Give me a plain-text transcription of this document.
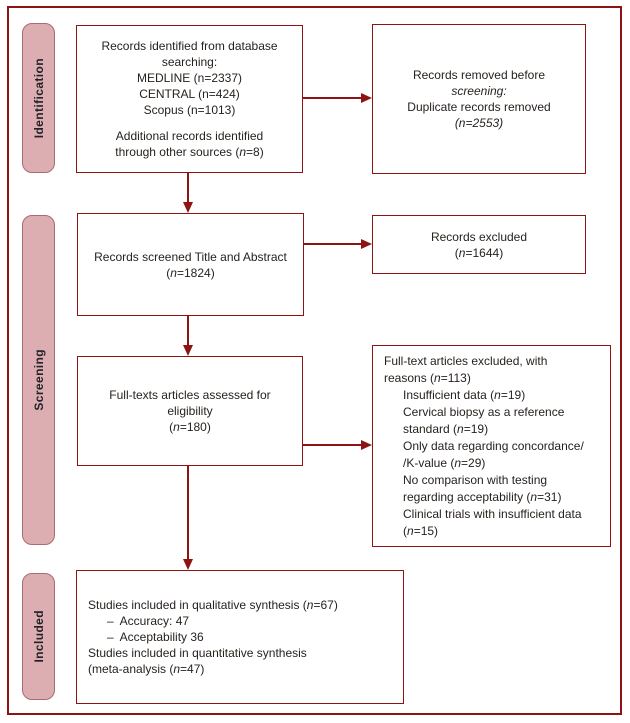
Identification
Screening
Included
Records identified from database
searching:
MEDLINE (n=2337)
CENTRAL (n=424)
Scopus (n=1013)
Additional records identified
through other sources (n=8)
Records removed before
screening:
Duplicate records removed
(n=2553)
Records screened Title and Abstract
(n=1824)
Records excluded
(n=1644)
Full-texts articles assessed for
eligibility
(n=180)
Full-text articles excluded, with
reasons (n=113)
Insufficient data (n=19)
Cervical biopsy as a reference
standard (n=19)
Only data regarding concordance/
/K-value (n=29)
No comparison with testing
regarding acceptability (n=31)
Clinical trials with insufficient data
(n=15)
Studies included in qualitative synthesis (n=67)
–  Accuracy: 47
–  Acceptability 36
Studies included in quantitative synthesis
(meta-analysis (n=47)
